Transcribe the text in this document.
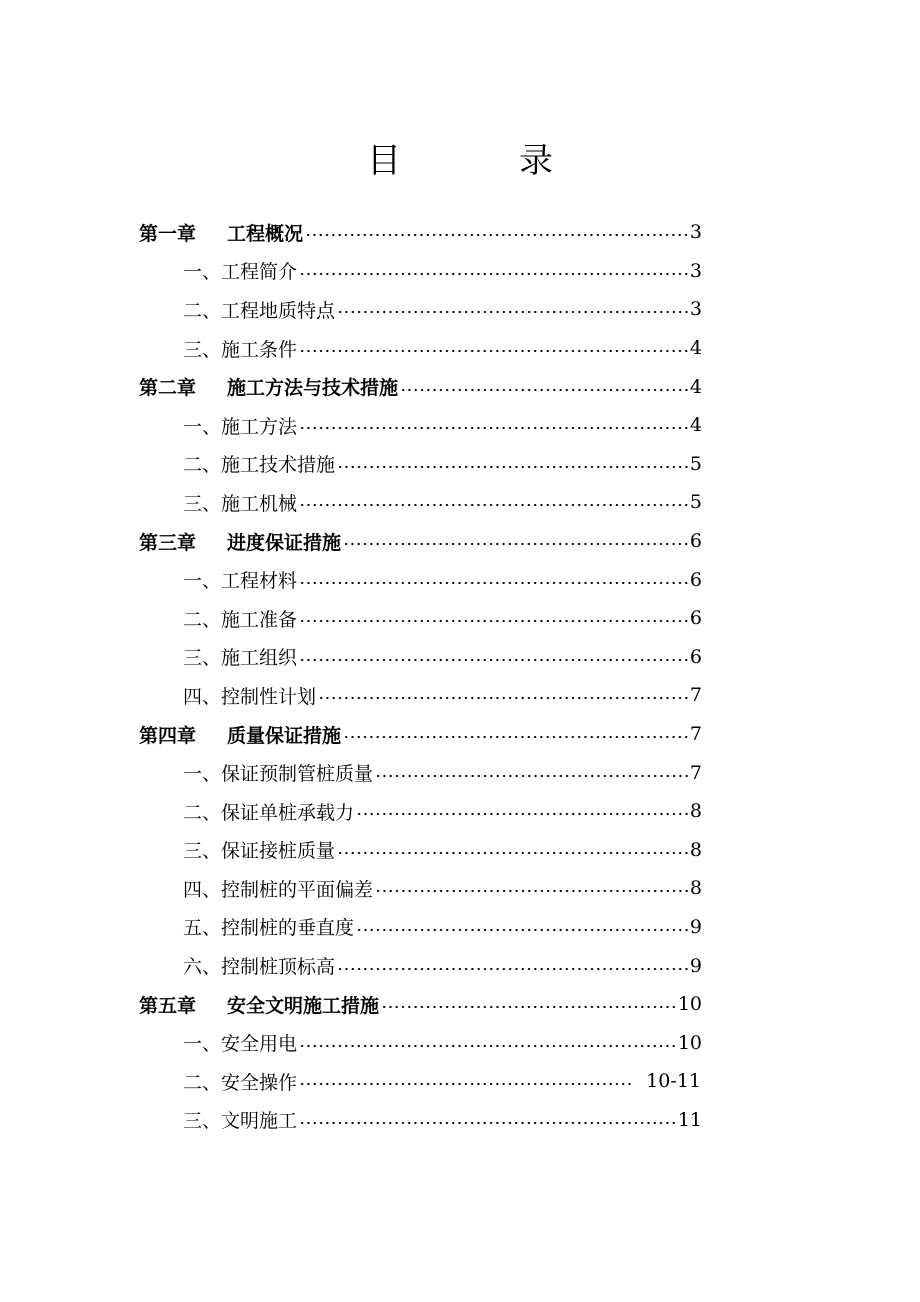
目　录
第一章	工程概况	3
一、 工程简介	3
二、 工程地质特点	3
三、 施工条件	4
第二章	施工方法与技术措施	4
一、 施工方法	4
二、 施工技术措施	5
三、 施工机械	5
第三章	进度保证措施	6
一、 工程材料	6
二、 施工准备	6
三、 施工组织	6
四、 控制性计划	7
第四章	质量保证措施	7
一、 保证预制管桩质量	7
二、 保证单桩承载力	8
三、 保证接桩质量	8
四、 控制桩的平面偏差	8
五、 控制桩的垂直度	9
六、 控制桩顶标高	9
第五章	安全文明施工措施	10
一、 安全用电	10
二、 安全操作	10-11
三、 文明施工	11
